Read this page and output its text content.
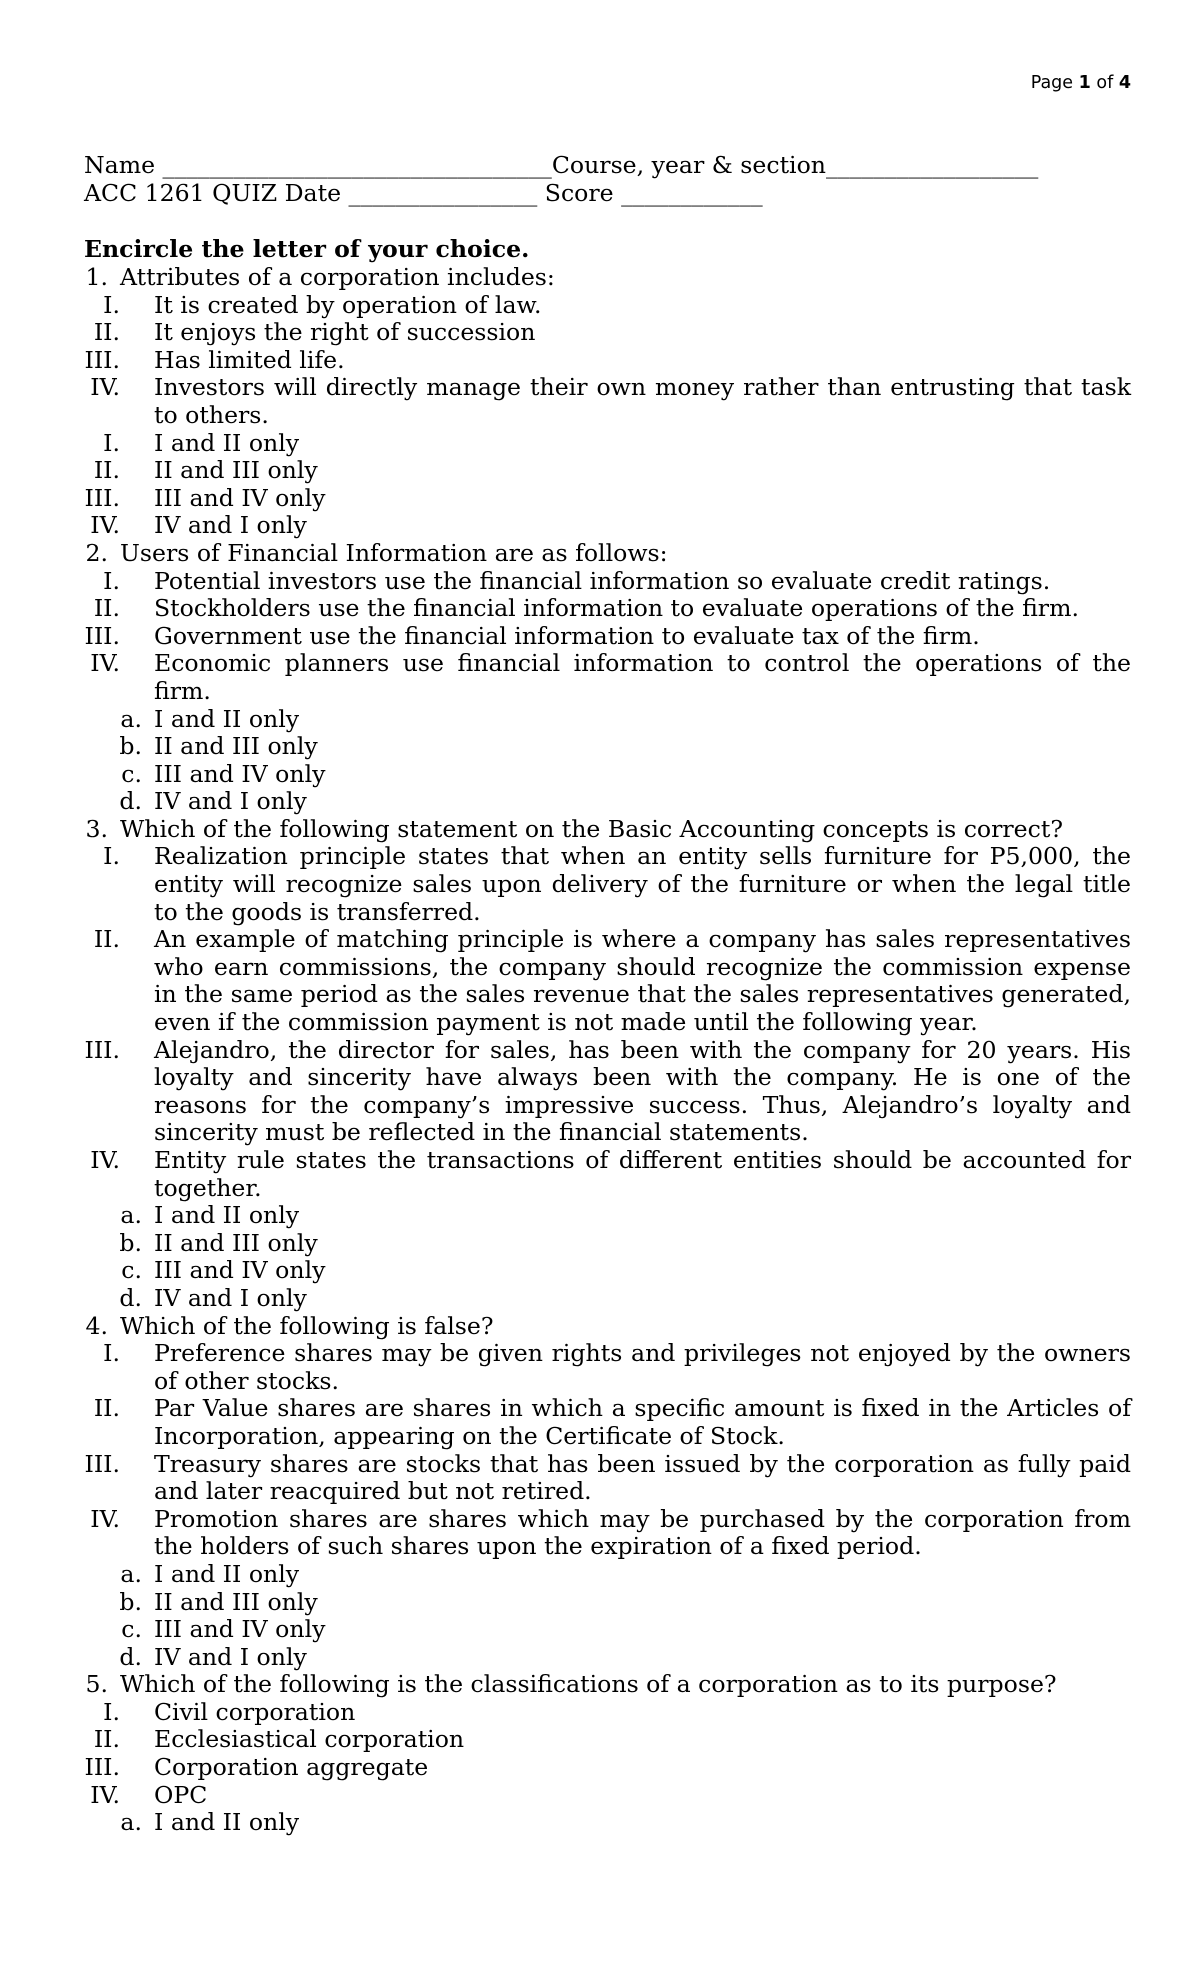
Page 1 of 4
Name _________________________________Course, year & section__________________
ACC 1261 QUIZ Date ________________ Score ____________
Encircle the letter of your choice.
1. Attributes of a corporation includes:
I.	It is created by operation of law.
II.	It enjoys the right of succession
III.	Has limited life.
IV.	Investors will directly manage their own money rather than entrusting that task to others.
I.	I and II only
II.	II and III only
III.	III and IV only
IV.	IV and I only
2. Users of Financial Information are as follows:
I.	Potential investors use the financial information so evaluate credit ratings.
II.	Stockholders use the financial information to evaluate operations of the firm.
III.	Government use the financial information to evaluate tax of the firm.
IV.	Economic planners use financial information to control the operations of the firm.
a. I and II only
b. II and III only
c. III and IV only
d. IV and I only
3. Which of the following statement on the Basic Accounting concepts is correct?
I.	Realization principle states that when an entity sells furniture for P5,000, the entity will recognize sales upon delivery of the furniture or when the legal title to the goods is transferred.
II.	An example of matching principle is where a company has sales representatives who earn commissions, the company should recognize the commission expense in the same period as the sales revenue that the sales representatives generated, even if the commission payment is not made until the following year.
III.	Alejandro, the director for sales, has been with the company for 20 years. His loyalty and sincerity have always been with the company. He is one of the reasons for the company’s impressive success. Thus, Alejandro’s loyalty and sincerity must be reflected in the financial statements.
IV.	Entity rule states the transactions of different entities should be accounted for together.
a. I and II only
b. II and III only
c. III and IV only
d. IV and I only
4. Which of the following is false?
I.	Preference shares may be given rights and privileges not enjoyed by the owners of other stocks.
II.	Par Value shares are shares in which a specific amount is fixed in the Articles of Incorporation, appearing on the Certificate of Stock.
III.	Treasury shares are stocks that has been issued by the corporation as fully paid and later reacquired but not retired.
IV.	Promotion shares are shares which may be purchased by the corporation from the holders of such shares upon the expiration of a fixed period.
a. I and II only
b. II and III only
c. III and IV only
d. IV and I only
5. Which of the following is the classifications of a corporation as to its purpose?
I.	Civil corporation
II.	Ecclesiastical corporation
III.	Corporation aggregate
IV.	OPC
a. I and II only
